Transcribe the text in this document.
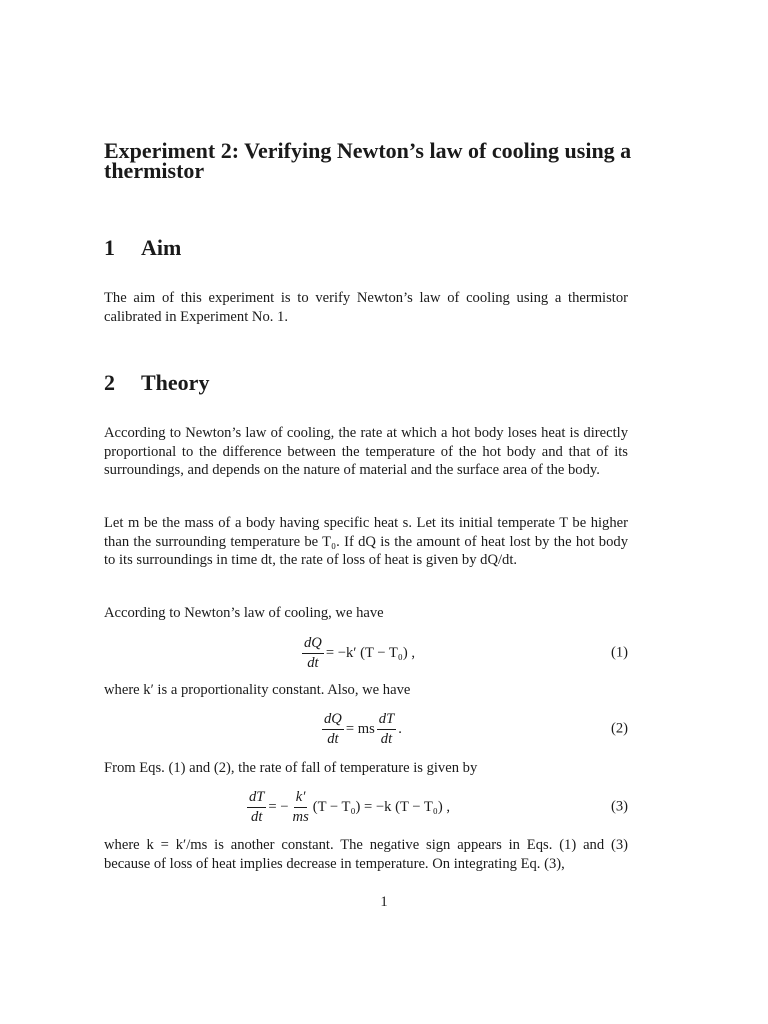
Experiment 2: Verifying Newton’s law of cooling using a thermistor
1 Aim

The aim of this experiment is to verify Newton’s law of cooling using a thermistor calibrated in Experiment No. 1.

2 Theory

According to Newton’s law of cooling, the rate at which a hot body loses heat is directly proportional to the difference between the temperature of the hot body and that of its surroundings, and depends on the nature of material and the surface area of the body.

Let m be the mass of a body having specific heat s. Let its initial temperate T be higher than the surrounding temperature be T₀. If dQ is the amount of heat lost by the hot body to its surroundings in time dt, the rate of loss of heat is given by dQ/dt.

According to Newton’s law of cooling, we have

$\frac{dQ}{dt} = -k'$ (T − T₀) ,	(1)

where k′ is a proportionality constant. Also, we have

$\frac{dQ}{dt}$ = ms $\frac{dT}{dt}$ .	(2)

From Eqs. (1) and (2), the rate of fall of temperature is given by

$\frac{dT}{dt}$ = − $\frac{k'}{ms} (T - T_0) = -k$ (T − T₀) ,	(3)

where k = k′/ms is another constant. The negative sign appears in Eqs. (1) and (3) because of loss of heat implies decrease in temperature. On integrating Eq. (3),

1
